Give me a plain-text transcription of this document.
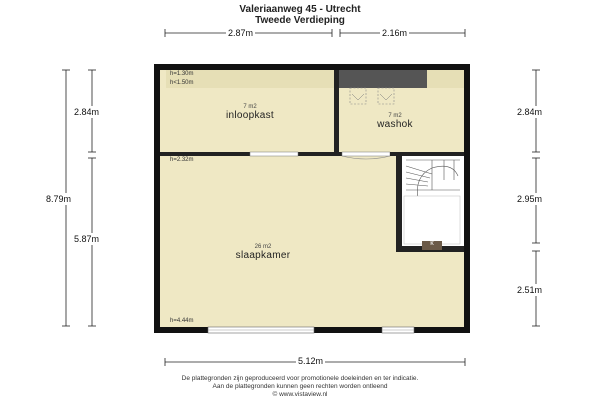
Valeriaanweg 45 - Utrecht
Tweede Verdieping
2.87m	2.16m
5.12m
8.79m
2.84m
5.87m
2.84m
2.95m
2.51m
h=1.30m
h<1.50m
h=2.32m
h=4.44m
7 m2
inloopkast	7 m2
washok
26 m2
slaapkamer
k
De plattegronden zijn geproduceerd voor promotionele doeleinden en ter indicatie.
Aan de plattegronden kunnen geen rechten worden ontleend
© www.vistaview.nl
